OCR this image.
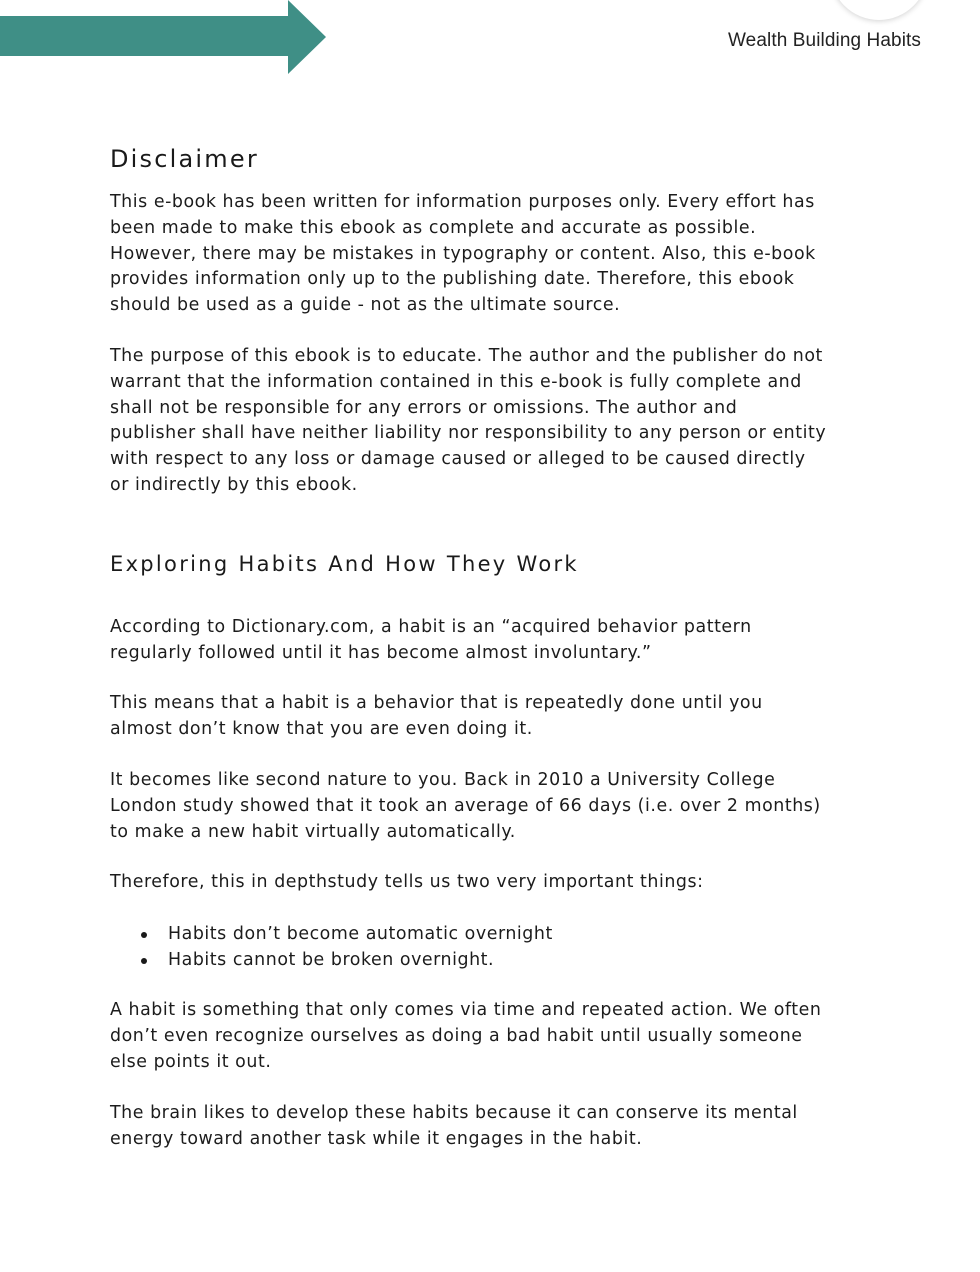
Wealth Building Habits
Disclaimer

This e-book has been written for information purposes only. Every effort has
been made to make this ebook as complete and accurate as possible.
However, there may be mistakes in typography or content. Also, this e-book
provides information only up to the publishing date. Therefore, this ebook
should be used as a guide - not as the ultimate source.

The purpose of this ebook is to educate. The author and the publisher do not
warrant that the information contained in this e-book is fully complete and
shall not be responsible for any errors or omissions. The author and
publisher shall have neither liability nor responsibility to any person or entity
with respect to any loss or damage caused or alleged to be caused directly
or indirectly by this ebook.

Exploring Habits And How They Work

According to Dictionary.com, a habit is an “acquired behavior pattern
regularly followed until it has become almost involuntary.”

This means that a habit is a behavior that is repeatedly done until you
almost don’t know that you are even doing it.

It becomes like second nature to you. Back in 2010 a University College
London study showed that it took an average of 66 days (i.e. over 2 months)
to make a new habit virtually automatically.

Therefore, this in depthstudy tells us two very important things:

Habits don’t become automatic overnight
Habits cannot be broken overnight.

A habit is something that only comes via time and repeated action. We often
don’t even recognize ourselves as doing a bad habit until usually someone
else points it out.

The brain likes to develop these habits because it can conserve its mental
energy toward another task while it engages in the habit.
